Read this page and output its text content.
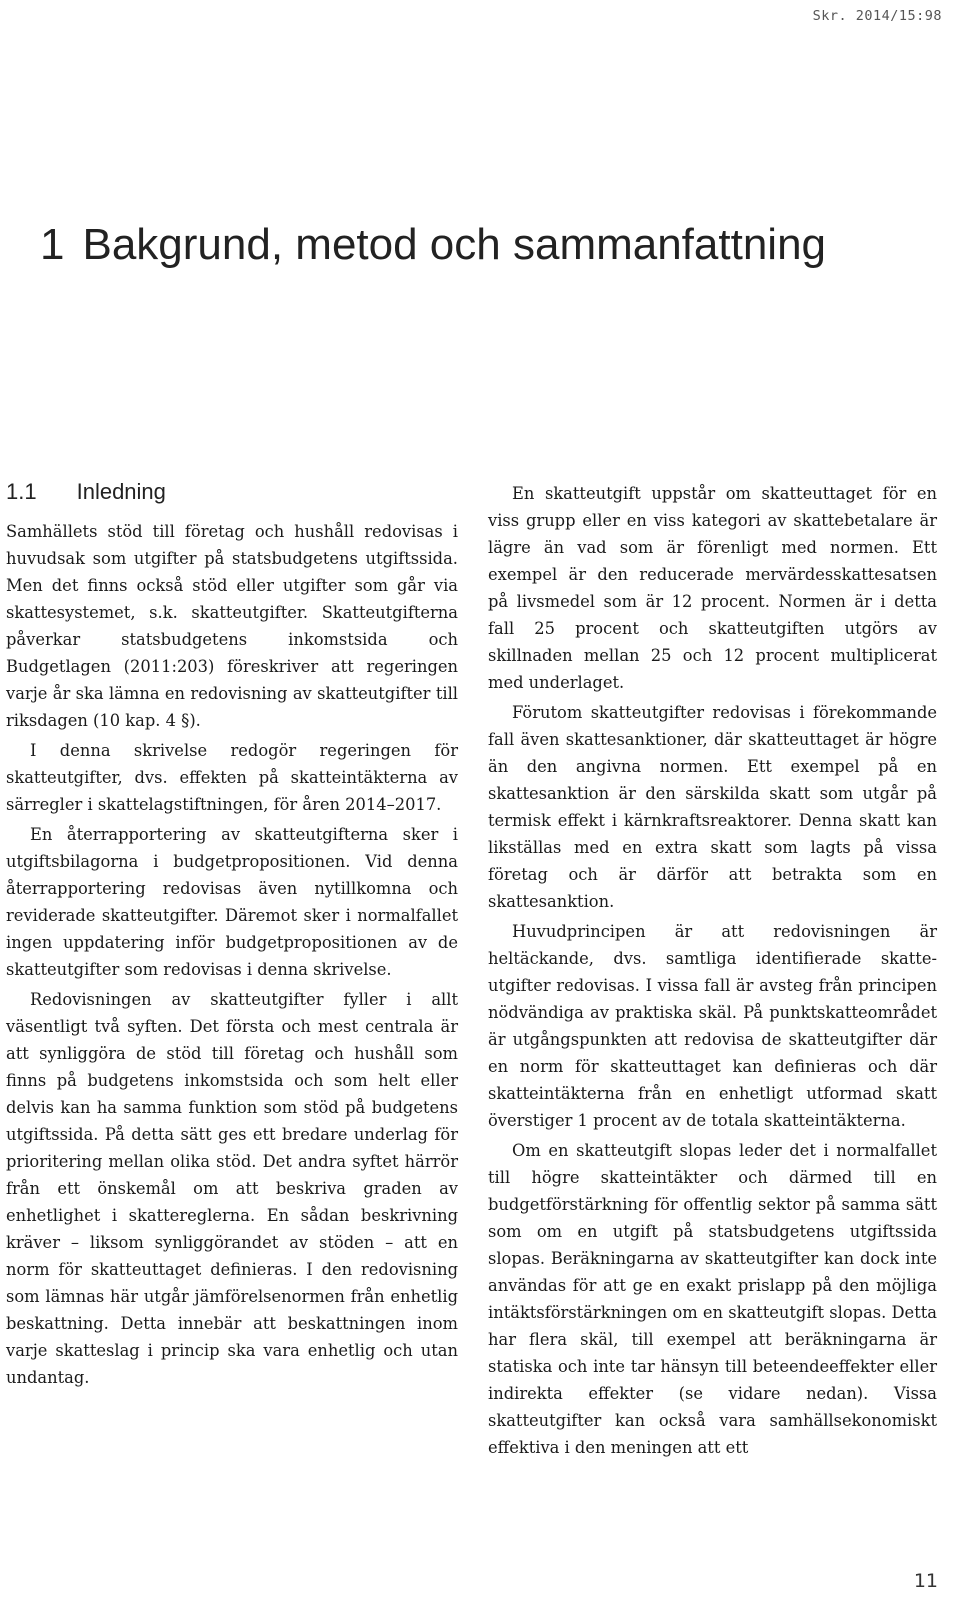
Skr. 2014/15:98
1 Bakgrund, metod och sammanfattning
1.1 Inledning

Samhällets stöd till företag och hushåll redovisas i huvudsak som utgifter på statsbudgetens utgiftssida. Men det finns också stöd eller utgifter som går via skattesystemet, s.k. skatteutgifter. Skatteutgifterna påverkar statsbudgetens inkomstsida och Budgetlagen (2011:203) föreskriver att regeringen varje år ska lämna en redovisning av skatteutgifter till riksdagen (10 kap. 4 §).

I denna skrivelse redogör regeringen för skatteutgifter, dvs. effekten på skatteintäkterna av särregler i skattelagstiftningen, för åren 2014–2017.

En återrapportering av skatteutgifterna sker i utgiftsbilagorna i budgetpropositionen. Vid denna återrapportering redovisas även nytillkomna och reviderade skatteutgifter. Däremot sker i normalfallet ingen uppdatering inför budgetpropositionen av de skatteutgifter som redovisas i denna skrivelse.

Redovisningen av skatteutgifter fyller i allt väsentligt två syften. Det första och mest centrala är att synliggöra de stöd till företag och hushåll som finns på budgetens inkomstsida och som helt eller delvis kan ha samma funktion som stöd på budgetens utgiftssida. På detta sätt ges ett bredare underlag för prioritering mellan olika stöd. Det andra syftet härrör från ett önskemål om att beskriva graden av enhetlighet i skattereglerna. En sådan beskrivning kräver – liksom synliggörandet av stöden – att en norm för skatteuttaget definieras. I den redovisning som lämnas här utgår jämförelsenormen från enhetlig beskattning. Detta innebär att beskattningen inom varje skatteslag i princip ska vara enhetlig och utan undantag.

En skatteutgift uppstår om skatteuttaget för en viss grupp eller en viss kategori av skattebetalare är lägre än vad som är förenligt med normen. Ett exempel är den reducerade mervärdesskattesatsen på livsmedel som är 12 procent. Normen är i detta fall 25 procent och skatteutgiften utgörs av skillnaden mellan 25 och 12 procent multiplicerat med underlaget.

Förutom skatteutgifter redovisas i förekommande fall även skattesanktioner, där skatteuttaget är högre än den angivna normen. Ett exempel på en skattesanktion är den särskilda skatt som utgår på termisk effekt i kärnkraftsreaktorer. Denna skatt kan likställas med en extra skatt som lagts på vissa företag och är därför att betrakta som en skattesanktion.

Huvudprincipen är att redovisningen är heltäckande, dvs. samtliga identifierade skatteutgifter redovisas. I vissa fall är avsteg från principen nödvändiga av praktiska skäl. På punktskatteområdet är utgångspunkten att redovisa de skatteutgifter där en norm för skatteuttaget kan definieras och där skatteintäkterna från en enhetligt utformad skatt överstiger 1 procent av de totala skatteintäkterna.

Om en skatteutgift slopas leder det i normalfallet till högre skatteintäkter och därmed till en budgetförstärkning för offentlig sektor på samma sätt som om en utgift på statsbudgetens utgiftssida slopas. Beräkningarna av skatteutgifter kan dock inte användas för att ge en exakt prislapp på den möjliga intäktsförstärkningen om en skatteutgift slopas. Detta har flera skäl, till exempel att beräkningarna är statiska och inte tar hänsyn till beteendeeffekter eller indirekta effekter (se vidare nedan). Vissa skatteutgifter kan också vara samhällsekonomiskt effektiva i den meningen att ett

11
